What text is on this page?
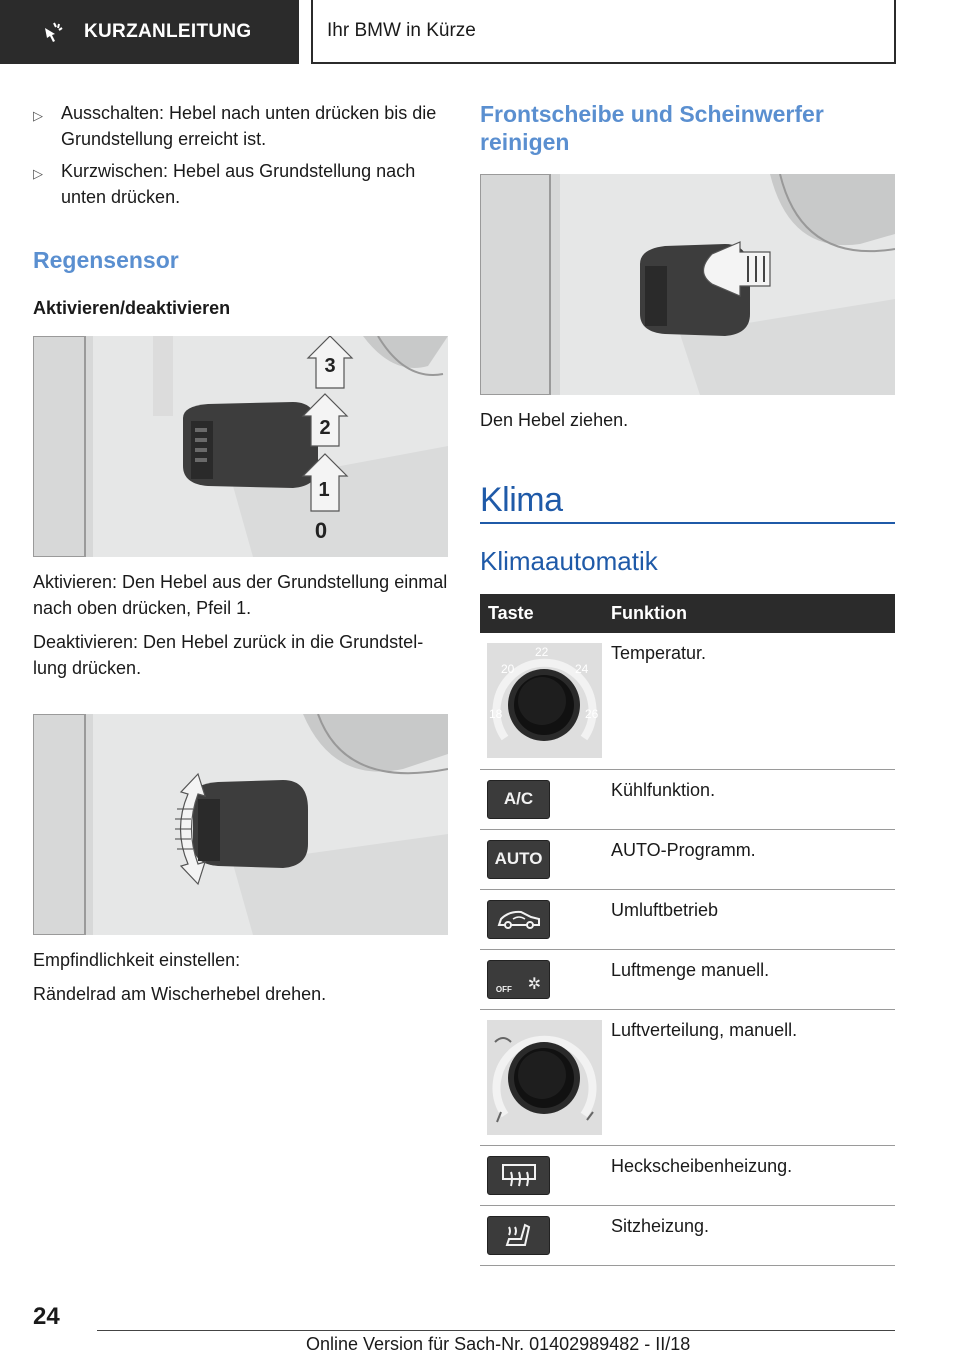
KURZANLEITUNG	Ihr BMW in Kürze
▷	Ausschalten: Hebel nach unten drücken bis die Grundstellung erreicht ist.
▷	Kurzwischen: Hebel aus Grundstellung nach unten drücken.
Regensensor
Aktivieren/deaktivieren
1
2
3
0
Aktivieren: Den Hebel aus der Grundstellung einmal nach oben drücken, Pfeil 1.
Deaktivieren: Den Hebel zurück in die Grundstellung drücken.
Empfindlichkeit einstellen:
Rändelrad am Wischerhebel drehen.
Frontscheibe und Scheinwerfer reinigen
Den Hebel ziehen.
Klima
Klimaautomatik
Taste	Funktion

20
22
24
18 26	Temperatur.

A/C	Kühlfunktion.

AUTO	AUTO-Programm.

	Umluftbetrieb

OFF ✲	Luftmenge manuell.

	Luftverteilung, manuell.

	Heckscheibenheizung.

	Sitzheizung.
24
Online Version für Sach-Nr. 01402989482 - II/18
